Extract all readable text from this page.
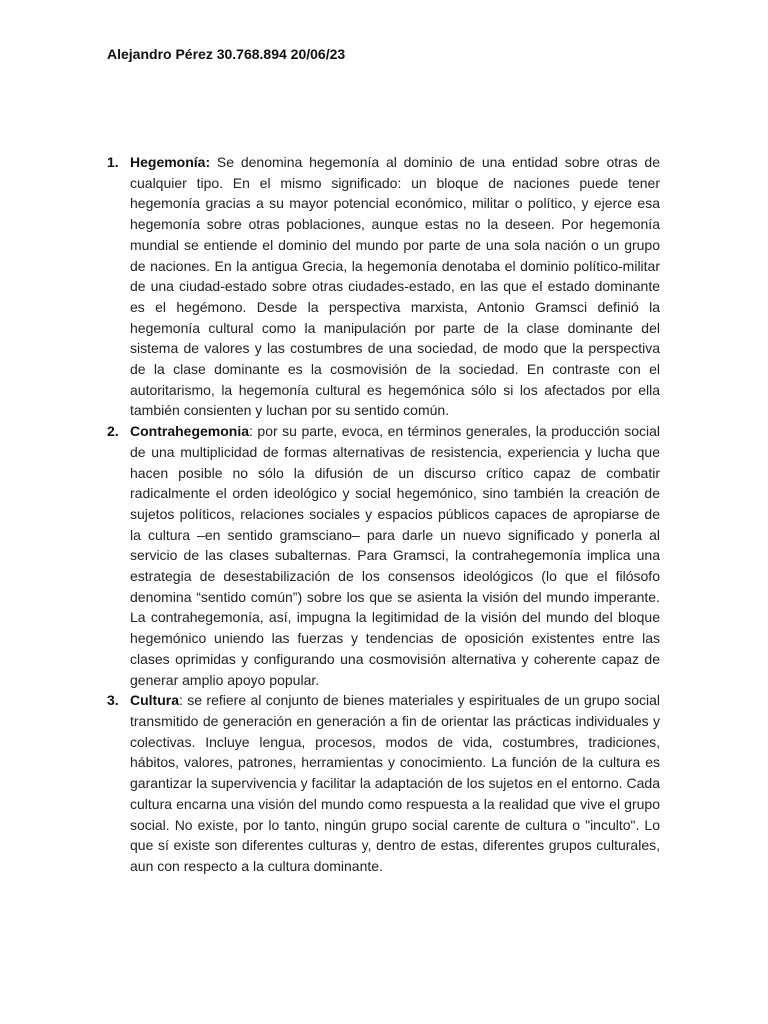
Alejandro Pérez 30.768.894 20/06/23
1. Hegemonía: Se denomina hegemonía al dominio de una entidad sobre otras de cualquier tipo. En el mismo significado: un bloque de naciones puede tener hegemonía gracias a su mayor potencial económico, militar o político, y ejerce esa hegemonía sobre otras poblaciones, aunque estas no la deseen. Por hegemonía mundial se entiende el dominio del mundo por parte de una sola nación o un grupo de naciones. En la antigua Grecia, la hegemonía denotaba el dominio político-militar de una ciudad-estado sobre otras ciudades-estado, en las que el estado dominante es el hegémono. Desde la perspectiva marxista, Antonio Gramsci definió la hegemonía cultural como la manipulación por parte de la clase dominante del sistema de valores y las costumbres de una sociedad, de modo que la perspectiva de la clase dominante es la cosmovisión de la sociedad. En contraste con el autoritarismo, la hegemonía cultural es hegemónica sólo si los afectados por ella también consienten y luchan por su sentido común.
2. Contrahegemonia: por su parte, evoca, en términos generales, la producción social de una multiplicidad de formas alternativas de resistencia, experiencia y lucha que hacen posible no sólo la difusión de un discurso crítico capaz de combatir radicalmente el orden ideológico y social hegemónico, sino también la creación de sujetos políticos, relaciones sociales y espacios públicos capaces de apropiarse de la cultura –en sentido gramsciano– para darle un nuevo significado y ponerla al servicio de las clases subalternas. Para Gramsci, la contrahegemonía implica una estrategia de desestabilización de los consensos ideológicos (lo que el filósofo denomina “sentido común”) sobre los que se asienta la visión del mundo imperante. La contrahegemonía, así, impugna la legitimidad de la visión del mundo del bloque hegemónico uniendo las fuerzas y tendencias de oposición existentes entre las clases oprimidas y configurando una cosmovisión alternativa y coherente capaz de generar amplio apoyo popular.
3. Cultura: se refiere al conjunto de bienes materiales y espirituales de un grupo social transmitido de generación en generación a fin de orientar las prácticas individuales y colectivas. Incluye lengua, procesos, modos de vida, costumbres, tradiciones, hábitos, valores, patrones, herramientas y conocimiento. La función de la cultura es garantizar la supervivencia y facilitar la adaptación de los sujetos en el entorno. Cada cultura encarna una visión del mundo como respuesta a la realidad que vive el grupo social. No existe, por lo tanto, ningún grupo social carente de cultura o "inculto". Lo que sí existe son diferentes culturas y, dentro de estas, diferentes grupos culturales, aun con respecto a la cultura dominante.
